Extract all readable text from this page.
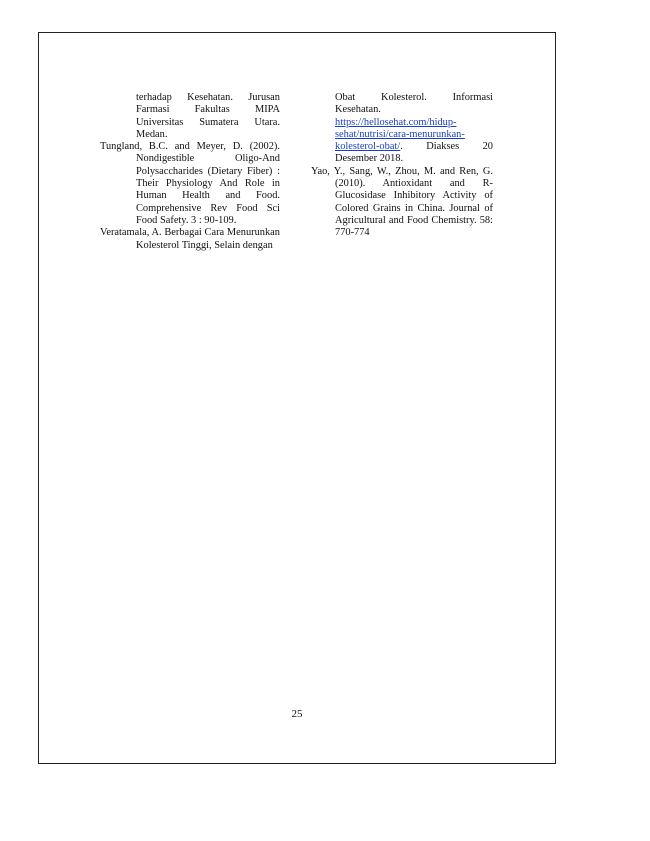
terhadap Kesehatan. Jurusan Farmasi Fakultas MIPA Universitas Sumatera Utara. Medan.

Tungland, B.C. and Meyer, D. (2002). Nondigestible Oligo-And Polysaccharides (Dietary Fiber) : Their Physiology And Role in Human Health and Food. Comprehensive Rev Food Sci Food Safety. 3 : 90-109.

Veratamala, A. Berbagai Cara Menurunkan Kolesterol Tinggi, Selain dengan

Obat Kolesterol. Informasi Kesehatan. https://hellosehat.com/hidup-sehat/nutrisi/cara-menurunkan-kolesterol-obat/. Diakses 20 Desember 2018.

Yao, Y., Sang, W., Zhou, M. and Ren, G. (2010). Antioxidant and R-Glucosidase Inhibitory Activity of Colored Grains in China. Journal of Agricultural and Food Chemistry. 58: 770-774

25
